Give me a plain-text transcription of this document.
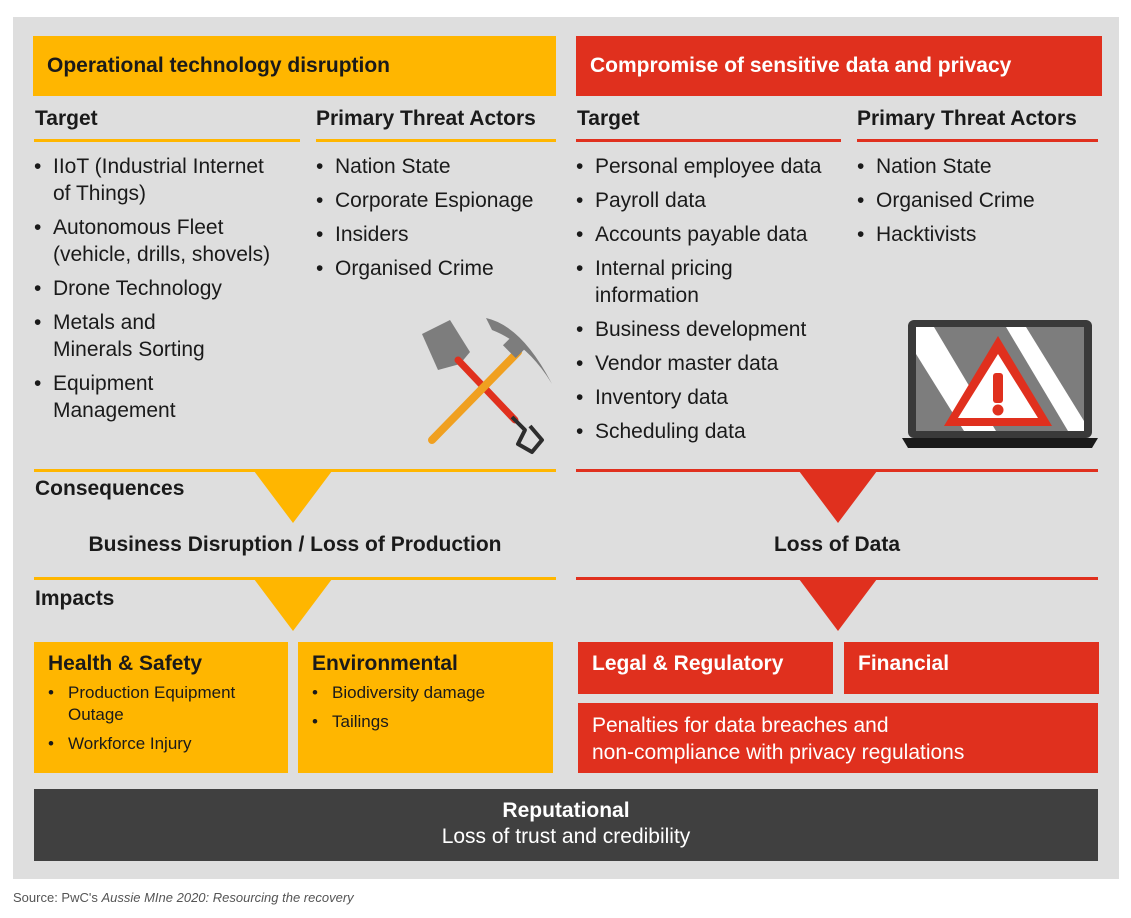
Operational technology disruption	Compromise of sensitive data and privacy
Target	Primary Threat Actors Target	Primary Threat Actors
• IIoT (Industrial Internet
of Things)
• Autonomous Fleet
(vehicle, drills, shovels)
• Drone Technology
• Metals and
Minerals Sorting
• Equipment
Management
• Nation State
• Corporate Espionage
• Insiders
• Organised Crime
• Personal employee data
• Payroll data
• Accounts payable data
• Internal pricing
information
• Business development
• Vendor master data
• Inventory data
• Scheduling data
• Nation State
• Organised Crime
• Hacktivists
Consequences
Business Disruption / Loss of Production	Loss of Data
Impacts
Health & Safety
• Production Equipment Outage
• Workforce Injury
Environmental
• Biodiversity damage
• Tailings
Legal & Regulatory	Financial
Penalties for data breaches and
non-compliance with privacy regulations
Reputational
Loss of trust and credibility
Source: PwC's Aussie MIne 2020: Resourcing the recovery
